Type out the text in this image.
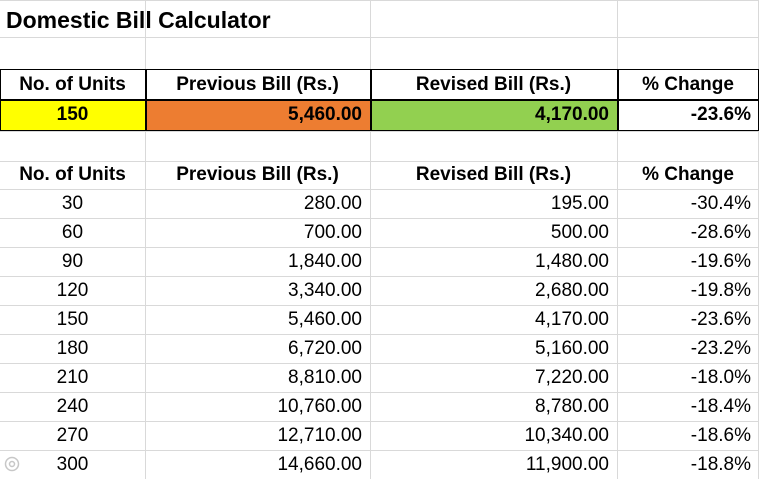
Domestic Bill Calculator
No. of Units	Previous Bill (Rs.)	Revised Bill (Rs.)	% Change
150	5,460.00	4,170.00	-23.6%
No. of Units	Previous Bill (Rs.)	Revised Bill (Rs.)	% Change
30	280.00	195.00	-30.4%
60	700.00	500.00	-28.6%
90	1,840.00	1,480.00	-19.6%
120	3,340.00	2,680.00	-19.8%
150	5,460.00	4,170.00	-23.6%
180	6,720.00	5,160.00	-23.2%
210	8,810.00	7,220.00	-18.0%
240	10,760.00	8,780.00	-18.4%
270	12,710.00	10,340.00	-18.6%
300	14,660.00	11,900.00	-18.8%
